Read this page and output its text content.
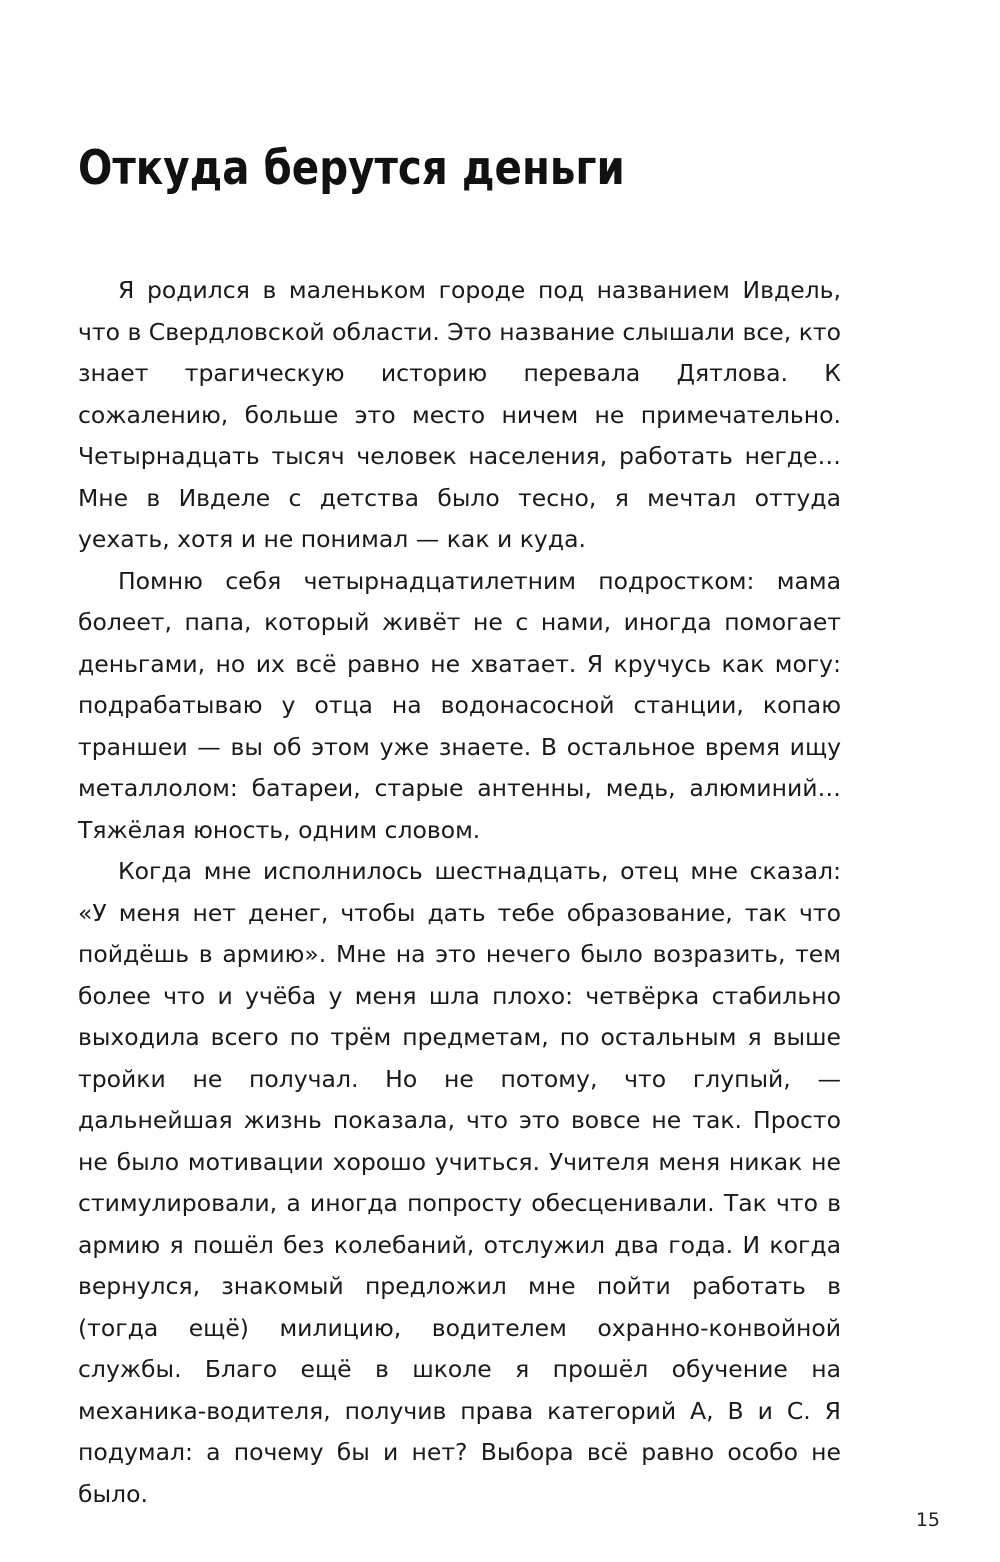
Откуда берутся деньги

Я родился в маленьком городе под названием Ивдель, что в Свердловской области. Это название слышали все, кто знает трагическую историю перевала Дятлова. К сожалению, больше это место ничем не примечательно. Четырнадцать тысяч человек населения, работать негде… Мне в Ивделе с детства было тесно, я мечтал оттуда уехать, хотя и не понимал — как и куда.

Помню себя четырнадцатилетним подростком: мама болеет, папа, который живёт не с нами, иногда помогает деньгами, но их всё равно не хватает. Я кручусь как могу: подрабатываю у отца на водонасосной станции, копаю траншеи — вы об этом уже знаете. В остальное время ищу металлолом: батареи, старые антенны, медь, алюминий… Тяжёлая юность, одним словом.

Когда мне исполнилось шестнадцать, отец мне сказал: «У меня нет денег, чтобы дать тебе образование, так что пойдёшь в армию». Мне на это нечего было возразить, тем более что и учёба у меня шла плохо: четвёрка стабильно выходила всего по трём предметам, по остальным я выше тройки не получал. Но не потому, что глупый, — дальнейшая жизнь показала, что это вовсе не так. Просто не было мотивации хорошо учиться. Учителя меня никак не стимулировали, а иногда попросту обесценивали. Так что в армию я пошёл без колебаний, отслужил два года. И когда вернулся, знакомый предложил мне пойти работать в (тогда ещё) милицию, водителем охранно-конвойной службы. Благо ещё в школе я прошёл обучение на механика-водителя, получив права категорий А, В и С. Я подумал: а почему бы и нет? Выбора всё равно особо не было.

15
